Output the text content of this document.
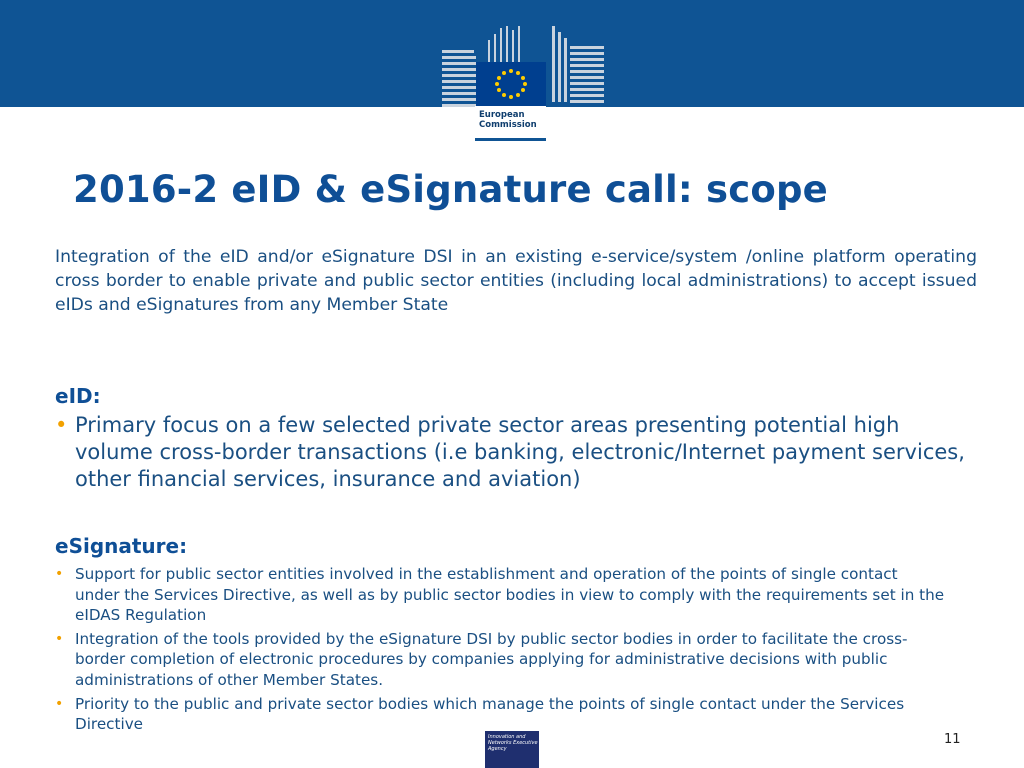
European
Commission
2016-2 eID & eSignature call: scope

Integration of the eID and/or eSignature DSI in an existing e-service/system /online platform operating cross border to enable private and public sector entities (including local administrations) to accept issued eIDs and eSignatures from any Member State

eID:
• Primary focus on a few selected private sector areas presenting potential high volume cross-border transactions (i.e banking, electronic/Internet payment services, other financial services, insurance and aviation)
eSignature:
• Support for public sector entities involved in the establishment and operation of the points of single contact under the Services Directive, as well as by public sector bodies in view to comply with the requirements set in the eIDAS Regulation
• Integration of the tools provided by the eSignature DSI by public sector bodies in order to facilitate the cross-border completion of electronic procedures by companies applying for administrative decisions with public administrations of other Member States.
• Priority to the public and private sector bodies which manage the points of single contact under the Services Directive
Innovation and Networks Executive Agency
11
